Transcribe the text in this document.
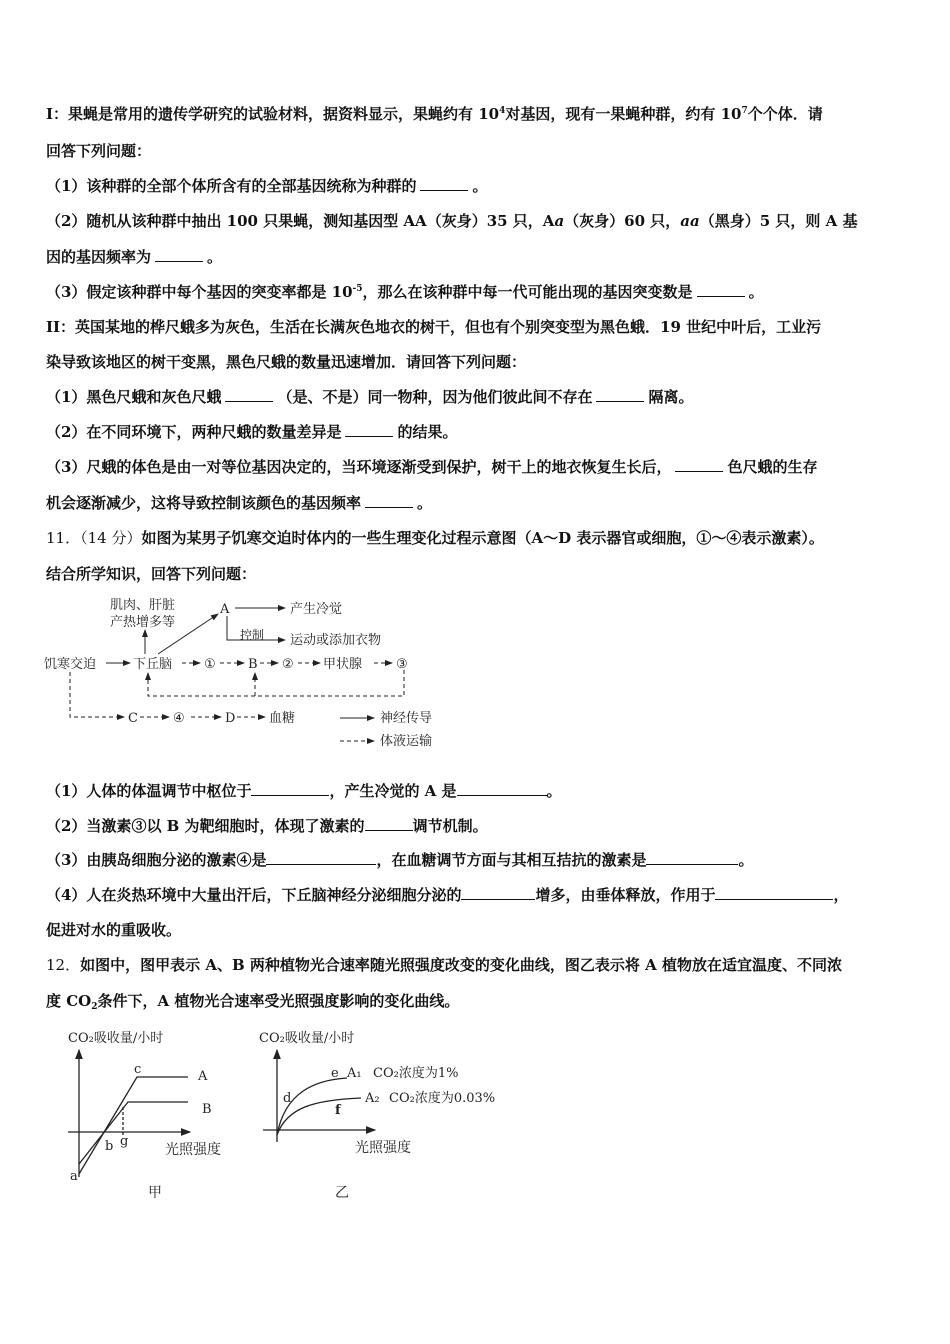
I：果蝇是常用的遗传学研究的试验材料，据资料显示，果蝇约有 $10^4$对基因，现有一果蝇种群，约有 $10^7$个个体．请
回答下列问题：
（1）该种群的全部个体所含有的全部基因统称为种群的	。
（2）随机从该种群中抽出 100 只果蝇，测知基因型 AA（灰身）35 只，Aa（灰身）60 只，aa（黑身）5 只，则 A 基
因的基因频率为	。
（3）假定该种群中每个基因的突变率都是 $10^{-5}$，那么在该种群中每一代可能出现的基因突变数是	。
II：英国某地的桦尺蛾多为灰色，生活在长满灰色地衣的树干，但也有个别突变型为黑色蛾．19 世纪中叶后，工业污
染导致该地区的树干变黑，黑色尺蛾的数量迅速增加．请回答下列问题：
（1）黑色尺蛾和灰色尺蛾	（是、不是）同一物种，因为他们彼此间不存在	隔离。
（2）在不同环境下，两种尺蛾的数量差异是	的结果。
（3）尺蛾的体色是由一对等位基因决定的，当环境逐渐受到保护，树干上的地衣恢复生长后，	色尺蛾的生存
机会逐渐减少，这将导致控制该颜色的基因频率	。
11．（14 分）如图为某男子饥寒交迫时体内的一些生理变化过程示意图（A～D 表示器官或细胞，①～④表示激素）。
结合所学知识，回答下列问题：
肌肉、肝脏
产热增多等
A	产生冷觉
控制 运动或添加衣物
饥寒交迫	下丘脑 ① B ② 甲状腺	③
C	④	D	血糖	神经传导
体液运输
（1）人体的体温调节中枢位于	，产生冷觉的 A 是	。
（2）当激素③以 B 为靶细胞时，体现了激素的	调节机制。
（3）由胰岛细胞分泌的激素④是	，在血糖调节方面与其相互拮抗的激素是	。
（4）人在炎热环境中大量出汗后，下丘脑神经分泌细胞分泌的	增多，由垂体释放，作用于	，
促进对水的重吸收。
12．如图中，图甲表示 A、B 两种植物光合速率随光照强度改变的变化曲线，图乙表示将 A 植物放在适宜温度、不同浓
度 $CO_2$条件下，A 植物光合速率受光照强度影响的变化曲线。
CO₂吸收量/小时
光照强度
甲
A
B
a
b
c
g
CO₂吸收量/小时
光照强度
乙
d
e
f
A₁ CO₂浓度为1%
A₂ CO₂浓度为0.03%
